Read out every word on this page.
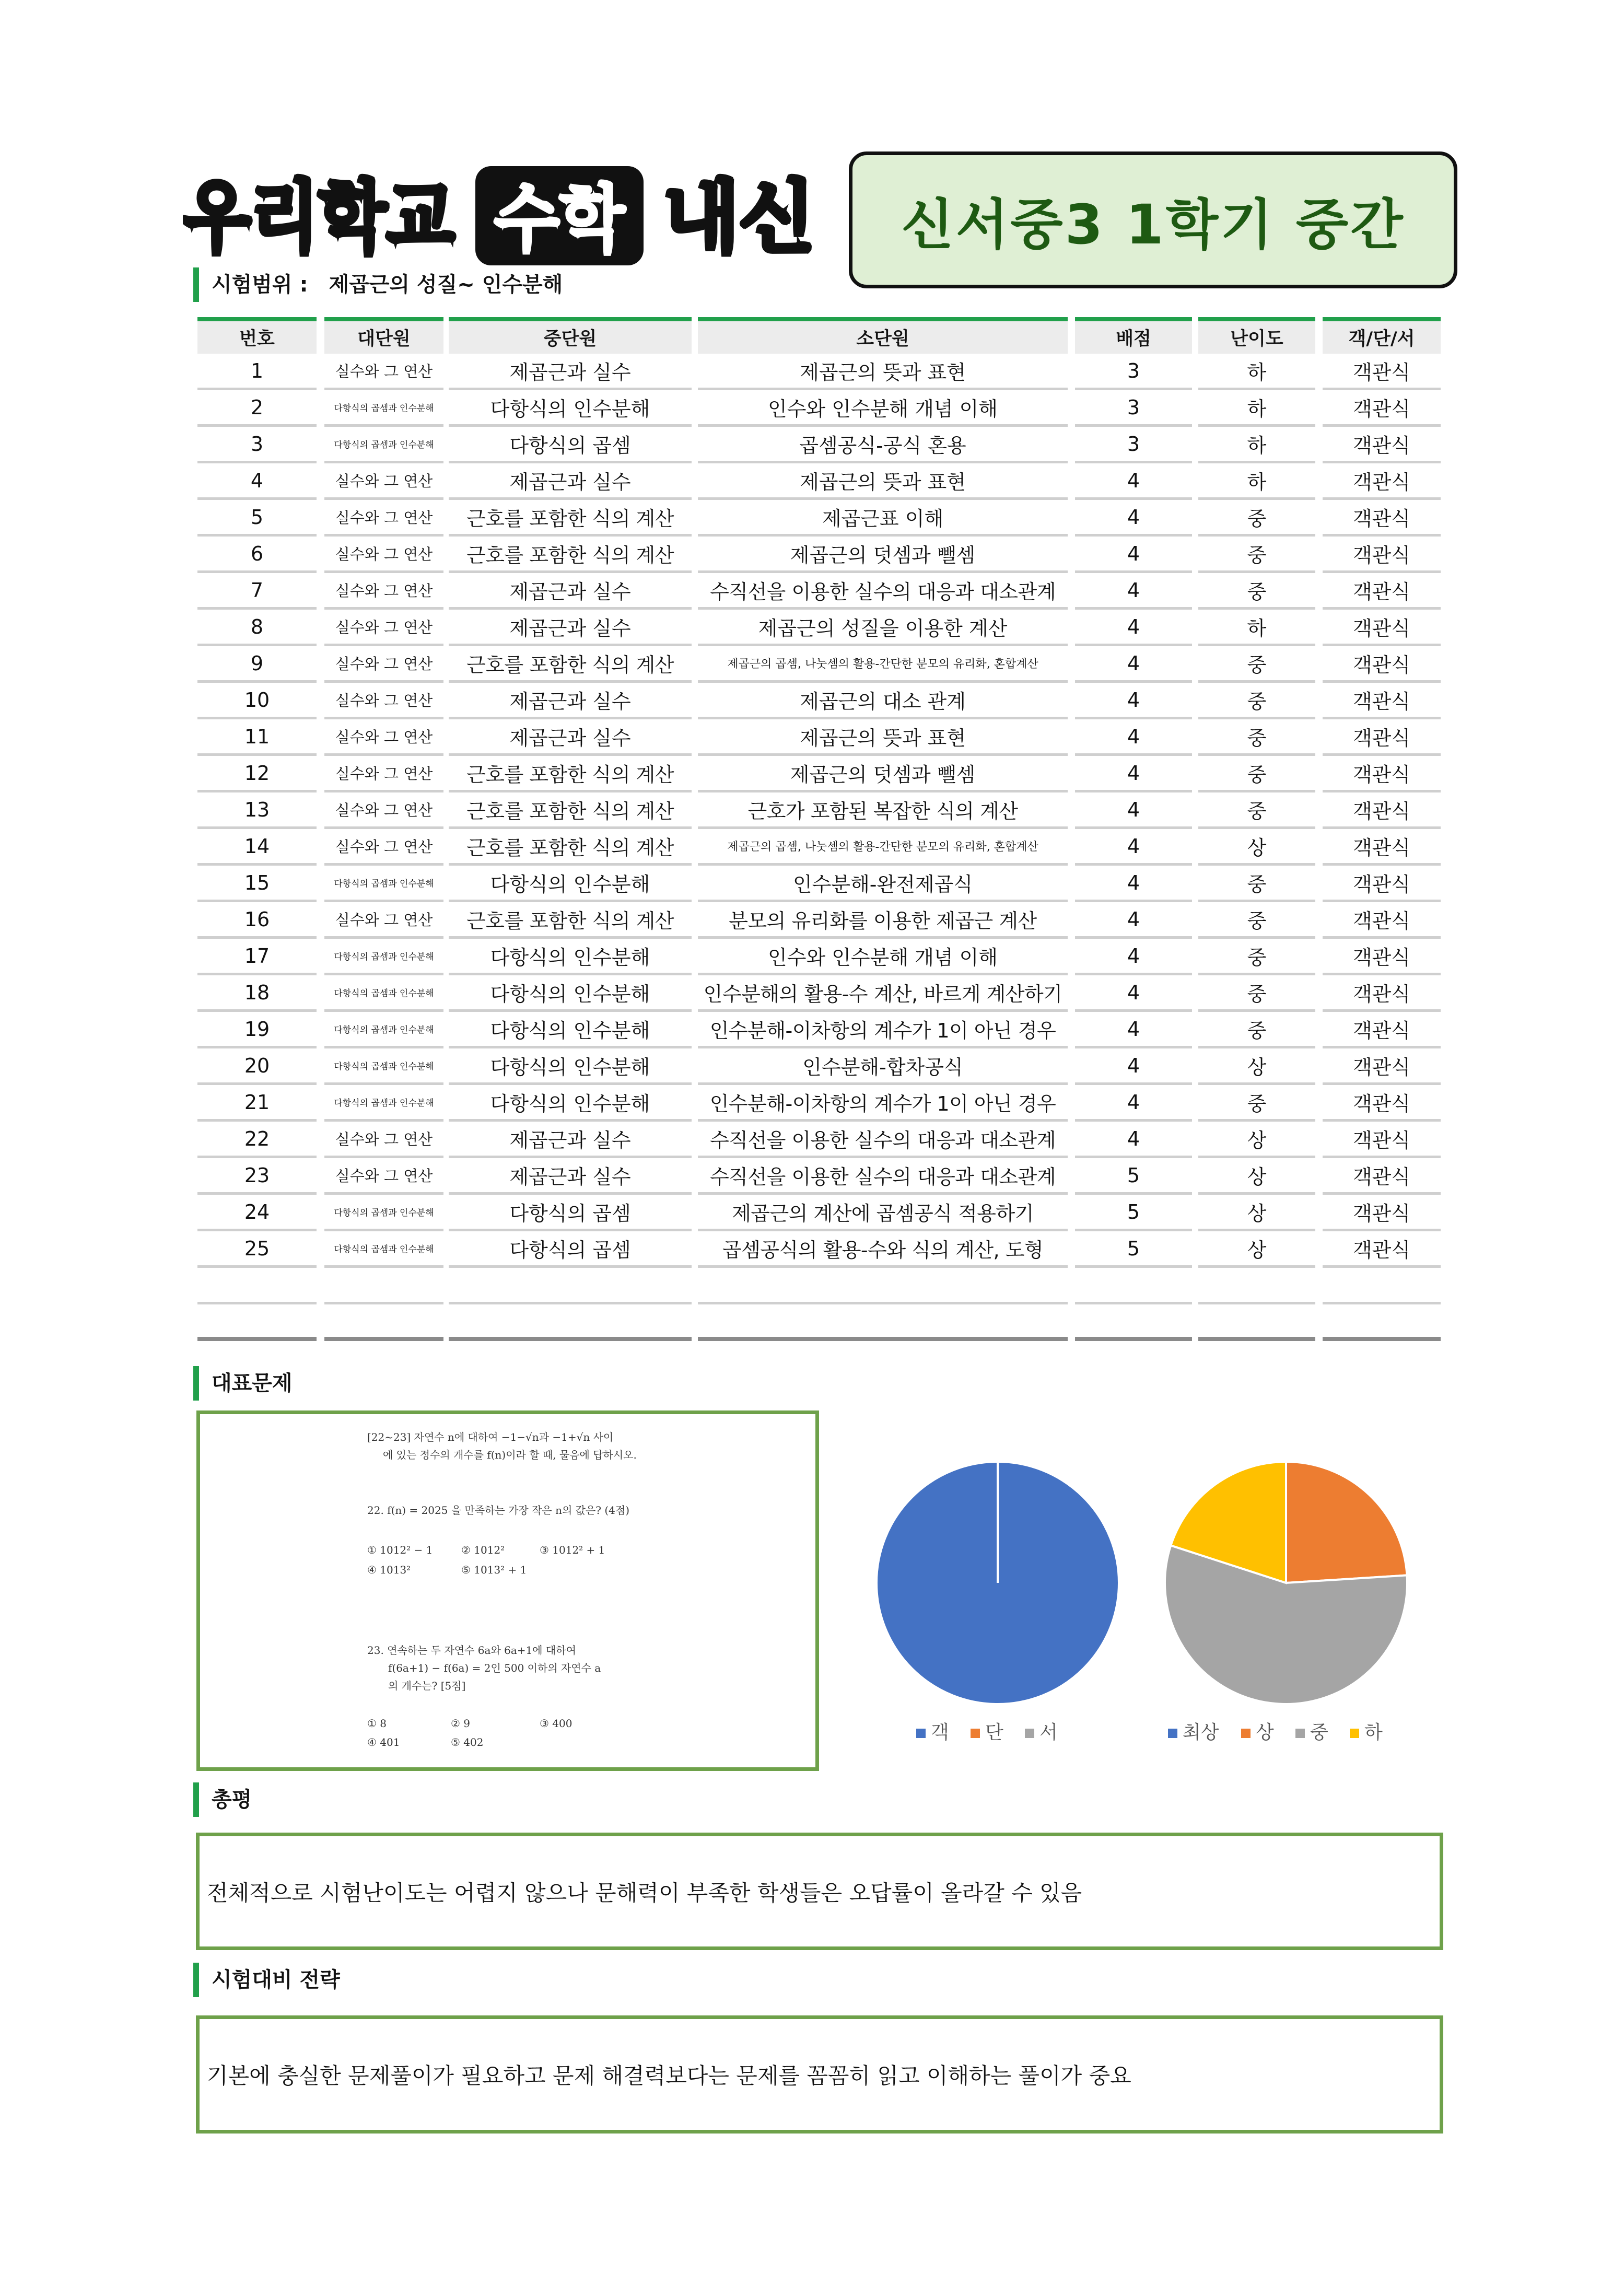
우리학교 수학 내신 신서중3 1학기 중간
시험범위 : 제곱근의 성질~ 인수분해
번호	대단원	중단원	소단원	배점	난이도	객/단/서
1	실수와 그 연산	제곱근과 실수	제곱근의 뜻과 표현	3	하	객관식
2	다항식의 곱셈과 인수분해	다항식의 인수분해	인수와 인수분해 개념 이해	3	하	객관식
3	다항식의 곱셈과 인수분해	다항식의 곱셈	곱셈공식-공식 혼용	3	하	객관식
4	실수와 그 연산	제곱근과 실수	제곱근의 뜻과 표현	4	하	객관식
5	실수와 그 연산	근호를 포함한 식의 계산	제곱근표 이해	4	중	객관식
6	실수와 그 연산	근호를 포함한 식의 계산	제곱근의 덧셈과 뺄셈	4	중	객관식
7	실수와 그 연산	제곱근과 실수	수직선을 이용한 실수의 대응과 대소관계	4	중	객관식
8	실수와 그 연산	제곱근과 실수	제곱근의 성질을 이용한 계산	4	하	객관식
9	실수와 그 연산	근호를 포함한 식의 계산	제곱근의 곱셈, 나눗셈의 활용-간단한 분모의 유리화, 혼합계산	4	중	객관식
10	실수와 그 연산	제곱근과 실수	제곱근의 대소 관계	4	중	객관식
11	실수와 그 연산	제곱근과 실수	제곱근의 뜻과 표현	4	중	객관식
12	실수와 그 연산	근호를 포함한 식의 계산	제곱근의 덧셈과 뺄셈	4	중	객관식
13	실수와 그 연산	근호를 포함한 식의 계산	근호가 포함된 복잡한 식의 계산	4	중	객관식
14	실수와 그 연산	근호를 포함한 식의 계산	제곱근의 곱셈, 나눗셈의 활용-간단한 분모의 유리화, 혼합계산	4	상	객관식
15	다항식의 곱셈과 인수분해	다항식의 인수분해	인수분해-완전제곱식	4	중	객관식
16	실수와 그 연산	근호를 포함한 식의 계산	분모의 유리화를 이용한 제곱근 계산	4	중	객관식
17	다항식의 곱셈과 인수분해	다항식의 인수분해	인수와 인수분해 개념 이해	4	중	객관식
18	다항식의 곱셈과 인수분해	다항식의 인수분해	인수분해의 활용-수 계산, 바르게 계산하기	4	중	객관식
19	다항식의 곱셈과 인수분해	다항식의 인수분해	인수분해-이차항의 계수가 1이 아닌 경우	4	중	객관식
20	다항식의 곱셈과 인수분해	다항식의 인수분해	인수분해-합차공식	4	상	객관식
21	다항식의 곱셈과 인수분해	다항식의 인수분해	인수분해-이차항의 계수가 1이 아닌 경우	4	중	객관식
22	실수와 그 연산	제곱근과 실수	수직선을 이용한 실수의 대응과 대소관계	4	상	객관식
23	실수와 그 연산	제곱근과 실수	수직선을 이용한 실수의 대응과 대소관계	5	상	객관식
24	다항식의 곱셈과 인수분해	다항식의 곱셈	제곱근의 계산에 곱셈공식 적용하기	5	상	객관식
25	다항식의 곱셈과 인수분해	다항식의 곱셈	곱셈공식의 활용-수와 식의 계산, 도형	5	상	객관식
대표문제
[22~23] 자연수 n에 대하여 −1−√n과 −1+√n 사이
에 있는 정수의 개수를 f(n)이라 할 때, 물음에 답하시오.
22. f(n) = 2025 을 만족하는 가장 작은 n의 값은? (4점)
① 1012² − 1	② 1012²	③ 1012² + 1
④ 1013²	⑤ 1013² + 1
23. 연속하는 두 자연수 6a와 6a+1에 대하여
f(6a+1) − f(6a) = 2인 500 이하의 자연수 a
의 개수는? [5점]
① 8	② 9	③ 400
④ 401	⑤ 402	객 단 서	최상 상 중 하
총평
전체적으로 시험난이도는 어렵지 않으나 문해력이 부족한 학생들은 오답률이 올라갈 수 있음
시험대비 전략
기본에 충실한 문제풀이가 필요하고 문제 해결력보다는 문제를 꼼꼼히 읽고 이해하는 풀이가 중요
